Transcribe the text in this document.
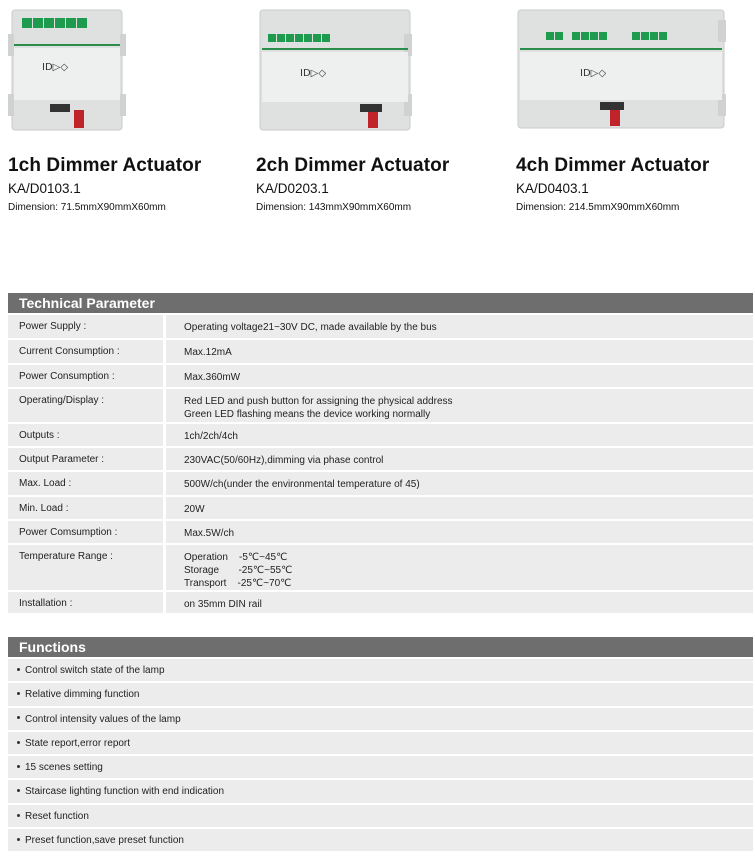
ID▷◇
1ch Dimmer Actuator
KA/D0103.1
Dimension: 71.5mmX90mmX60mm
ID▷◇
2ch Dimmer Actuator
KA/D0203.1
Dimension: 143mmX90mmX60mm
ID▷◇
4ch Dimmer Actuator
KA/D0403.1
Dimension: 214.5mmX90mmX60mm
Technical Parameter
Power Supply :	Operating voltage21~30V DC, made available by the bus
Current Consumption :	Max.12mA
Power Consumption :	Max.360mW
Operating/Display :	Red LED and push button for assigning the physical address
Green LED flashing means the device working normally
Outputs :	1ch/2ch/4ch
Output Parameter :	230VAC(50/60Hz),dimming via phase control
Max. Load :	500W/ch(under the environmental temperature of 45)
Min. Load :	20W
Power Comsumption :	Max.5W/ch
Temperature Range :	Operation    -5℃~45℃
Storage       -25℃~55℃
Transport    -25℃~70℃
Installation :	on 35mm DIN rail
Functions
Control switch state of the lamp
Relative dimming function
Control intensity values of the lamp
State report,error report
15 scenes setting
Staircase lighting function with end indication
Reset function
Preset function,save preset function
